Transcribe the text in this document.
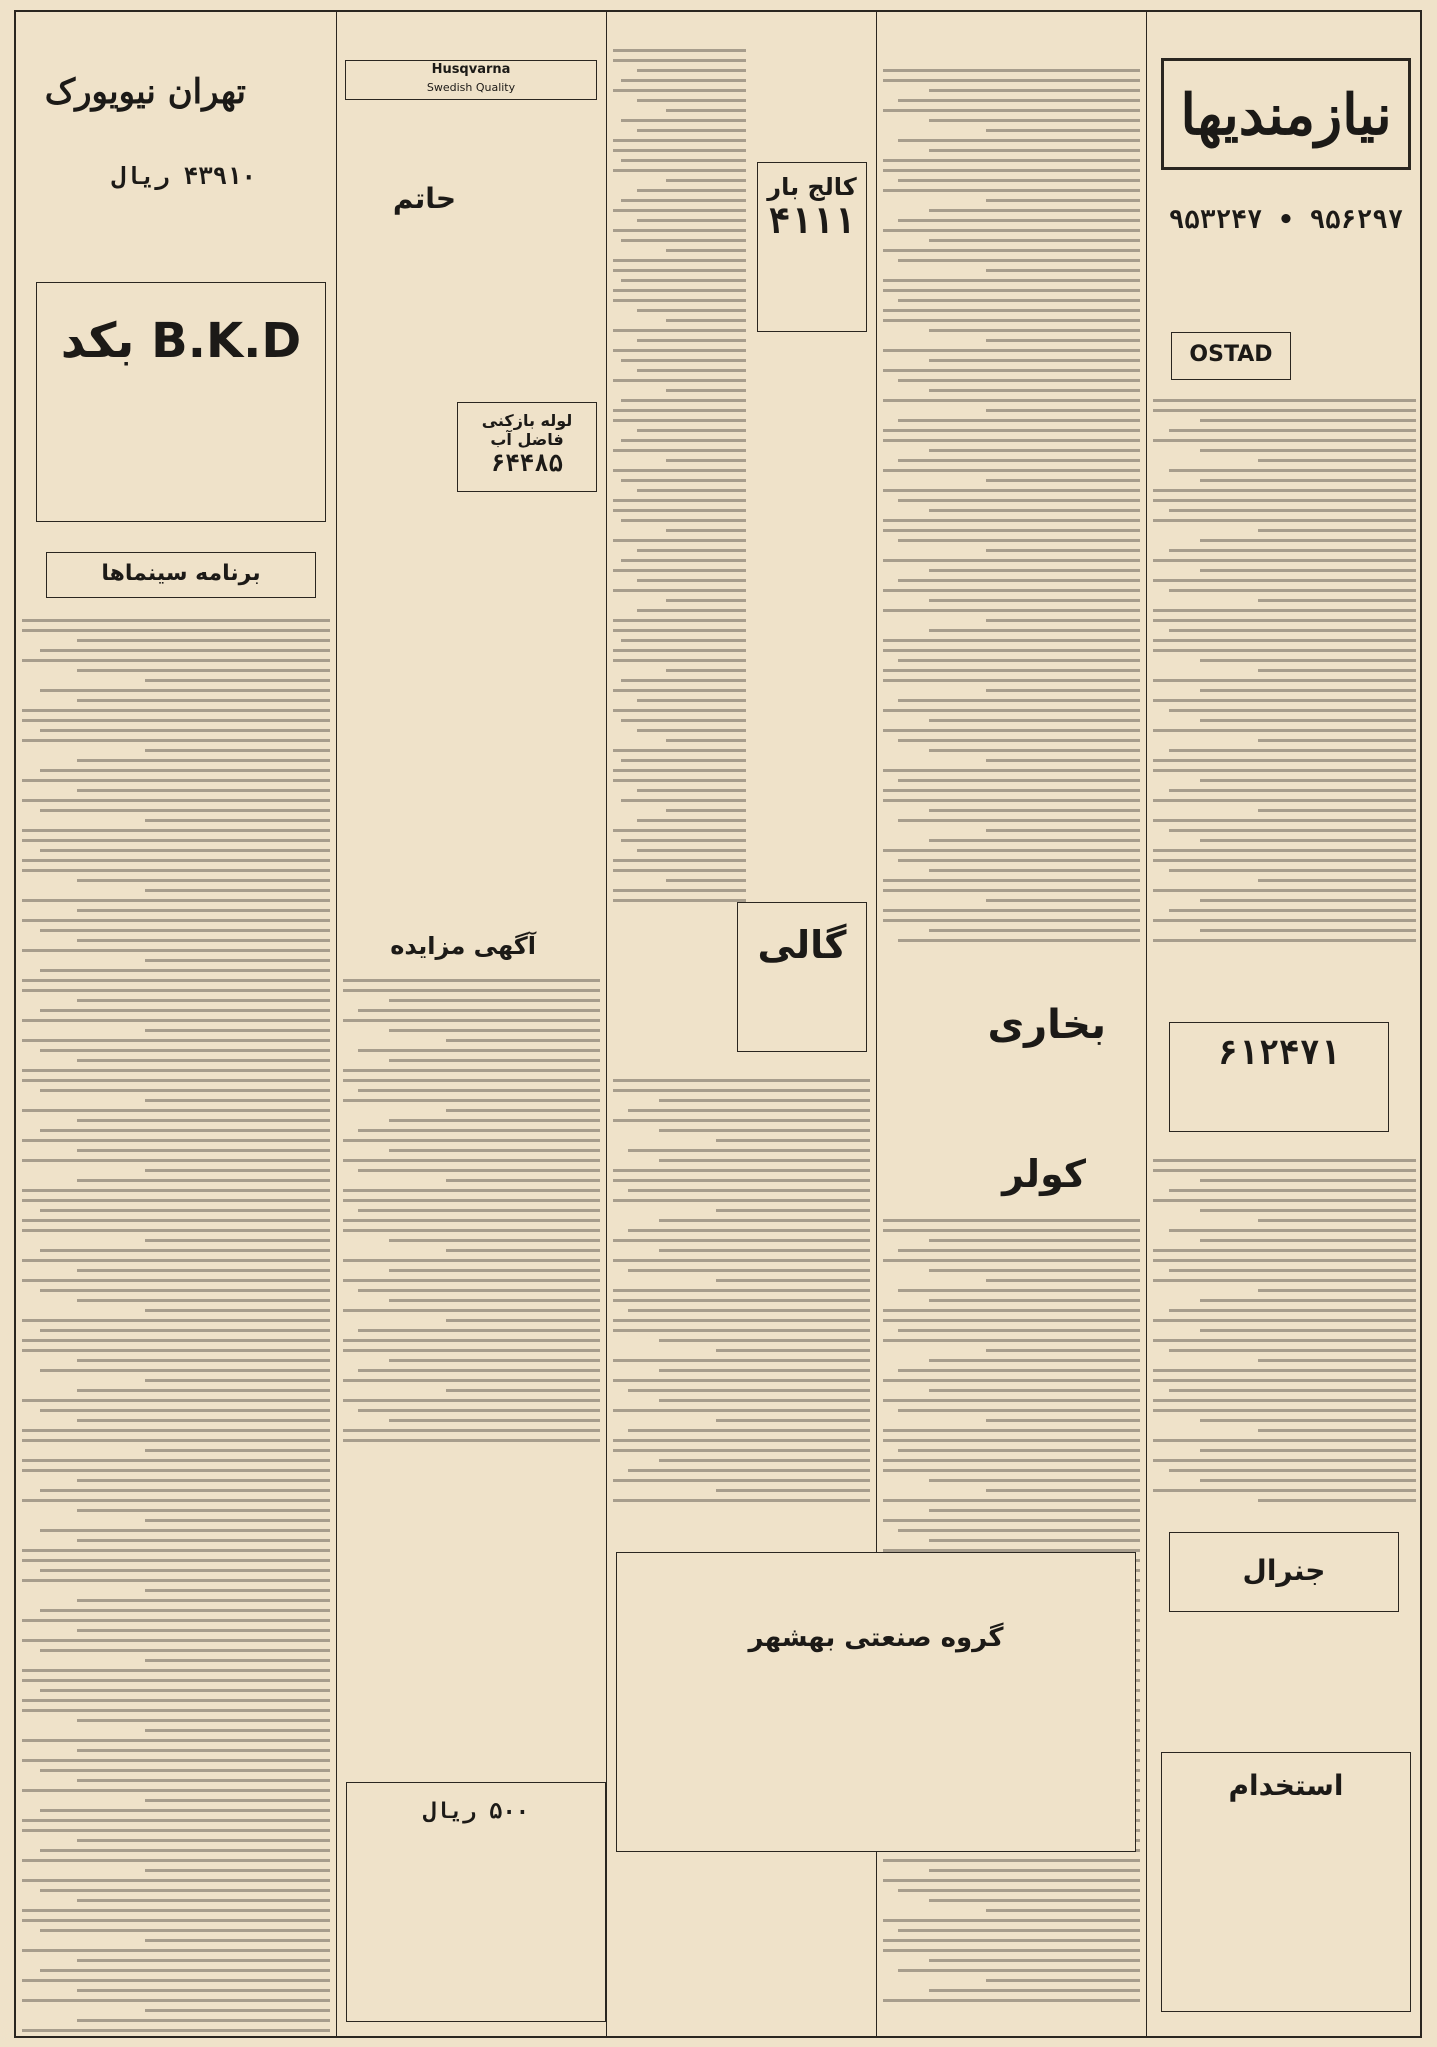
نیازمندیها
۹۵۶۲۹۷ • ۹۵۳۲۴۷
OSTAD
۶۱۲۴۷۱
جنرال
استخدام
بخاری
کولر
کالج بار
۴۱۱۱
گالی
Husqvarna
Swedish Quality
حاتم
لوله بازکنی فاضل آب
۶۴۴۸۵
آگهی مزایده
تهران نیویورک
۴۳۹۱۰ ریال
B.K.D بکد
برنامه سینماها
گروه صنعتی بهشهر
۵۰۰ ریال
